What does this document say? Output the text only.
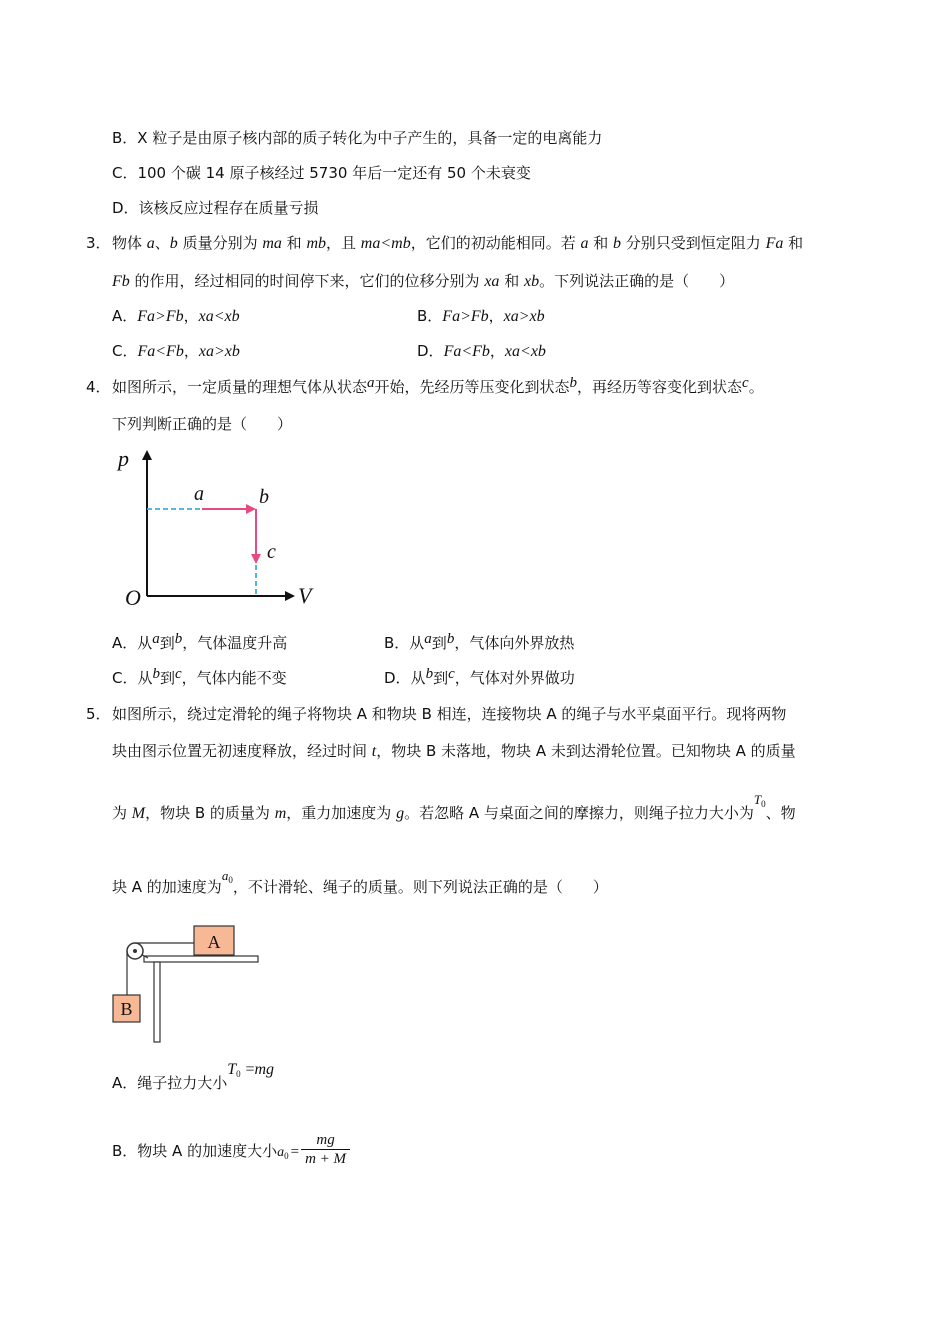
B．X 粒子是由原子核内部的质子转化为中子产生的，具备一定的电离能力
C．100 个碳 14 原子核经过 5730 年后一定还有 50 个未衰变
D．该核反应过程存在质量亏损
3． 物体 a、b 质量分别为 ma 和 mb，且 ma<mb，它们的初动能相同。若 a 和 b 分别只受到恒定阻力 Fa 和
Fb 的作用，经过相同的时间停下来，它们的位移分别为 xa 和 xb。下列说法正确的是（　　）
A．Fa>Fb，xa<xb	B．Fa>Fb，xa>xb
C．Fa<Fb，xa>xb	D．Fa<Fb，xa<xb
4． 如图所示，一定质量的理想气体从状态a开始，先经历等压变化到状态b，再经历等容变化到状态c。
下列判断正确的是（　　）
p
V
O
a	b
c
A．从a到b，气体温度升高	B．从a到b，气体向外界放热
C．从b到c，气体内能不变	D．从b到c，气体对外界做功
5． 如图所示，绕过定滑轮的绳子将物块 A 和物块 B 相连，连接物块 A 的绳子与水平桌面平行。现将两物
块由图示位置无初速度释放，经过时间 t，物块 B 未落地，物块 A 未到达滑轮位置。已知物块 A 的质量
为 M，物块 B 的质量为 m，重力加速度为 g。若忽略 A 与桌面之间的摩擦力，则绳子拉力大小为$T_0$、物
块 A 的加速度为$a_0$，不计滑轮、绳子的质量。则下列说法正确的是（　　）
A
B
A．绳子拉力大小$T_0 =mg$
B．物块 A 的加速度大小$a_0 = \frac{mg}{m + M}$
